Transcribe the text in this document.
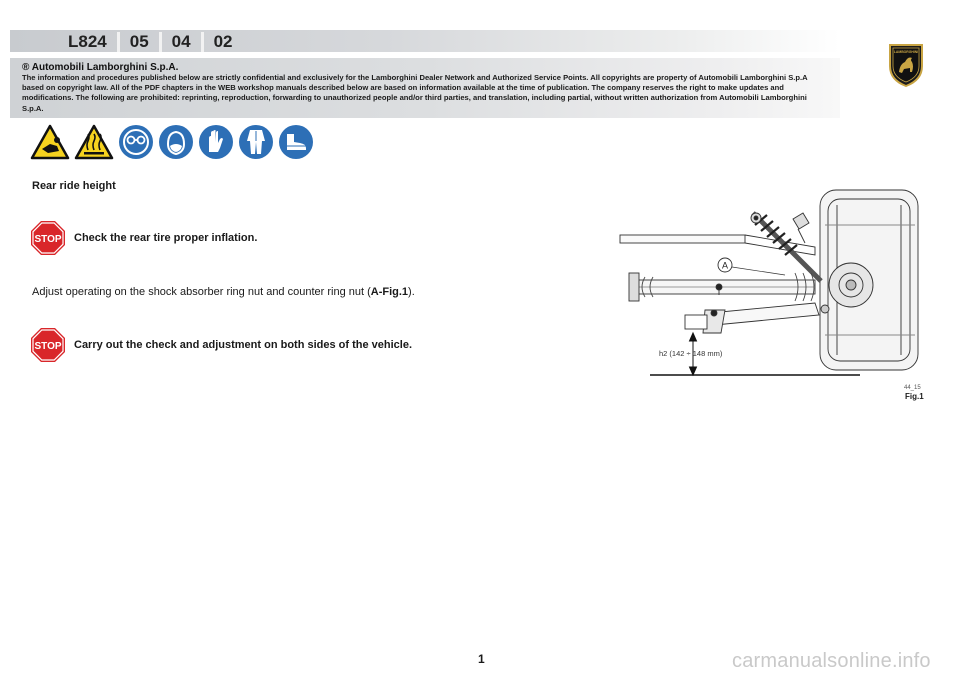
L824	05	04	02
LAMBORGHINI
® Automobili Lamborghini S.p.A.
The information and procedures published below are strictly confidential and exclusively for the Lamborghini Dealer Network and Authorized Service Points. All copyrights are property of Automobili Lamborghini S.p.A based on copyright law. All of the PDF chapters in the WEB workshop manuals described below are based on information available at the time of publication. The company reserves the right to make updates and modifications. The following are prohibited: reprinting, reproduction, forwarding to unauthorized people and/or third parties, and translation, including partial, without written authorization from Automobili Lamborghini S.p.A.
Rear ride height
STOP Check the rear tire proper inflation.
Adjust operating on the shock absorber ring nut and counter ring nut (A-Fig.1).
STOP Carry out the check and adjustment on both sides of the vehicle.
h2 (142 ÷ 148 mm)
A
44_15
Fig.1
1	carmanualsonline.info
